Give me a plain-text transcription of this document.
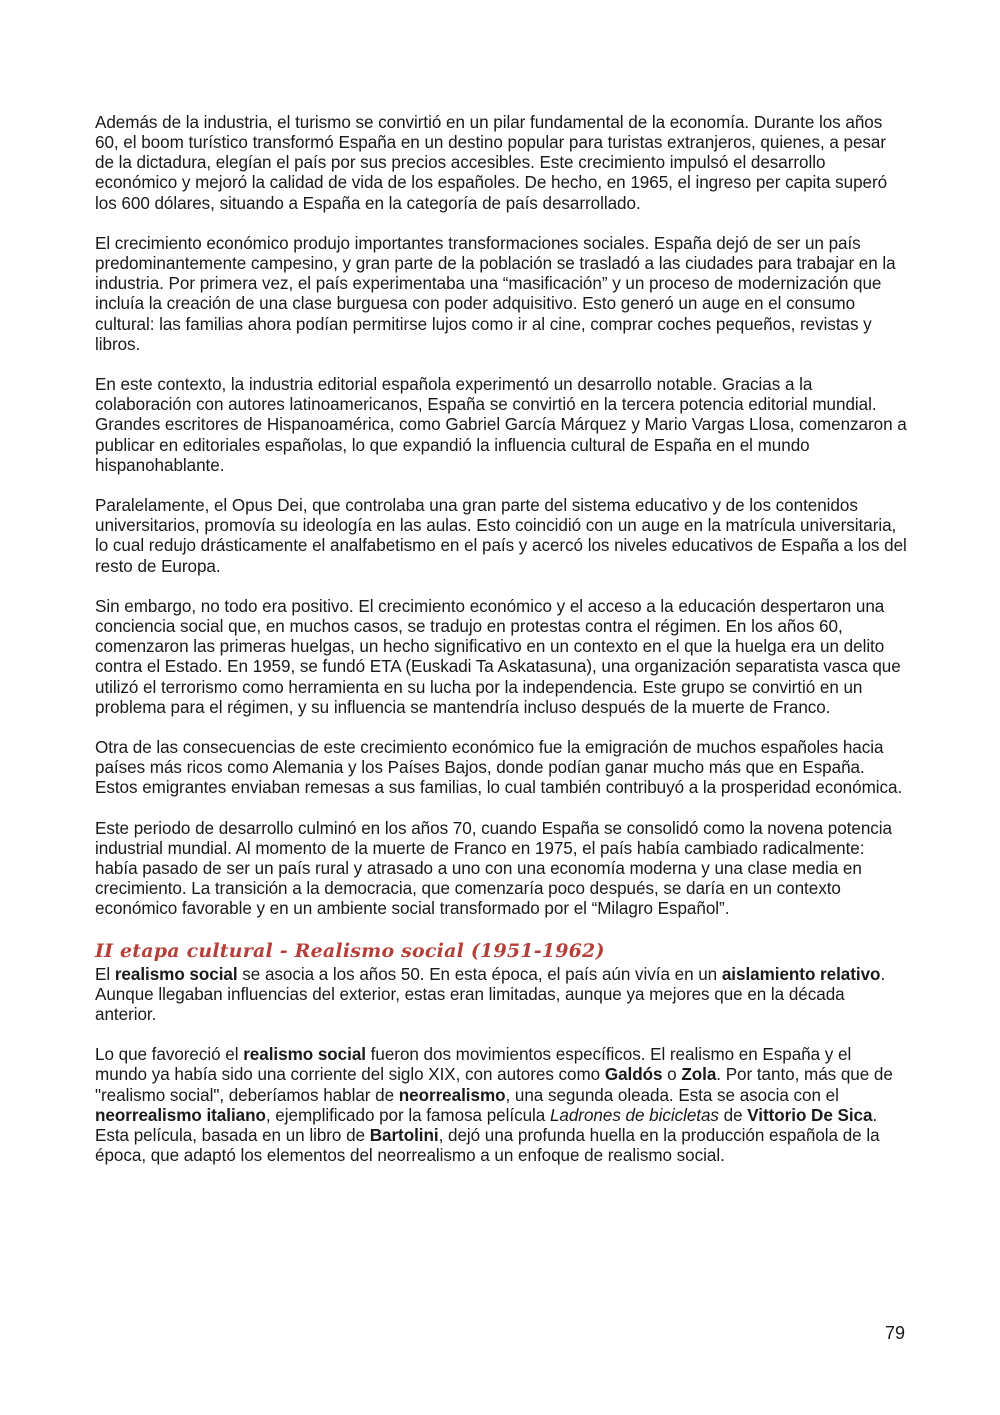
Además de la industria, el turismo se convirtió en un pilar fundamental de la economía. Durante los años 60, el boom turístico transformó España en un destino popular para turistas extranjeros, quienes, a pesar de la dictadura, elegían el país por sus precios accesibles. Este crecimiento impulsó el desarrollo económico y mejoró la calidad de vida de los españoles. De hecho, en 1965, el ingreso per capita superó los 600 dólares, situando a España en la categoría de país desarrollado.

El crecimiento económico produjo importantes transformaciones sociales. España dejó de ser un país predominantemente campesino, y gran parte de la población se trasladó a las ciudades para trabajar en la industria. Por primera vez, el país experimentaba una “masificación” y un proceso de modernización que incluía la creación de una clase burguesa con poder adquisitivo. Esto generó un auge en el consumo cultural: las familias ahora podían permitirse lujos como ir al cine, comprar coches pequeños, revistas y libros.

En este contexto, la industria editorial española experimentó un desarrollo notable. Gracias a la colaboración con autores latinoamericanos, España se convirtió en la tercera potencia editorial mundial. Grandes escritores de Hispanoamérica, como Gabriel García Márquez y Mario Vargas Llosa, comenzaron a publicar en editoriales españolas, lo que expandió la influencia cultural de España en el mundo hispanohablante.

Paralelamente, el Opus Dei, que controlaba una gran parte del sistema educativo y de los contenidos universitarios, promovía su ideología en las aulas. Esto coincidió con un auge en la matrícula universitaria, lo cual redujo drásticamente el analfabetismo en el país y acercó los niveles educativos de España a los del resto de Europa.

Sin embargo, no todo era positivo. El crecimiento económico y el acceso a la educación despertaron una conciencia social que, en muchos casos, se tradujo en protestas contra el régimen. En los años 60, comenzaron las primeras huelgas, un hecho significativo en un contexto en el que la huelga era un delito contra el Estado. En 1959, se fundó ETA (Euskadi Ta Askatasuna), una organización separatista vasca que utilizó el terrorismo como herramienta en su lucha por la independencia. Este grupo se convirtió en un problema para el régimen, y su influencia se mantendría incluso después de la muerte de Franco.

Otra de las consecuencias de este crecimiento económico fue la emigración de muchos españoles hacia países más ricos como Alemania y los Países Bajos, donde podían ganar mucho más que en España. Estos emigrantes enviaban remesas a sus familias, lo cual también contribuyó a la prosperidad económica.

Este periodo de desarrollo culminó en los años 70, cuando España se consolidó como la novena potencia industrial mundial. Al momento de la muerte de Franco en 1975, el país había cambiado radicalmente: había pasado de ser un país rural y atrasado a uno con una economía moderna y una clase media en crecimiento. La transición a la democracia, que comenzaría poco después, se daría en un contexto económico favorable y en un ambiente social transformado por el “Milagro Español”.

II etapa cultural - Realismo social (1951-1962)

El realismo social se asocia a los años 50. En esta época, el país aún vivía en un aislamiento relativo. Aunque llegaban influencias del exterior, estas eran limitadas, aunque ya mejores que en la década anterior.

Lo que favoreció el realismo social fueron dos movimientos específicos. El realismo en España y el mundo ya había sido una corriente del siglo XIX, con autores como Galdós o Zola. Por tanto, más que de "realismo social", deberíamos hablar de neorrealismo, una segunda oleada. Esta se asocia con el neorrealismo italiano, ejemplificado por la famosa película Ladrones de bicicletas de Vittorio De Sica. Esta película, basada en un libro de Bartolini, dejó una profunda huella en la producción española de la época, que adaptó los elementos del neorrealismo a un enfoque de realismo social.

79
